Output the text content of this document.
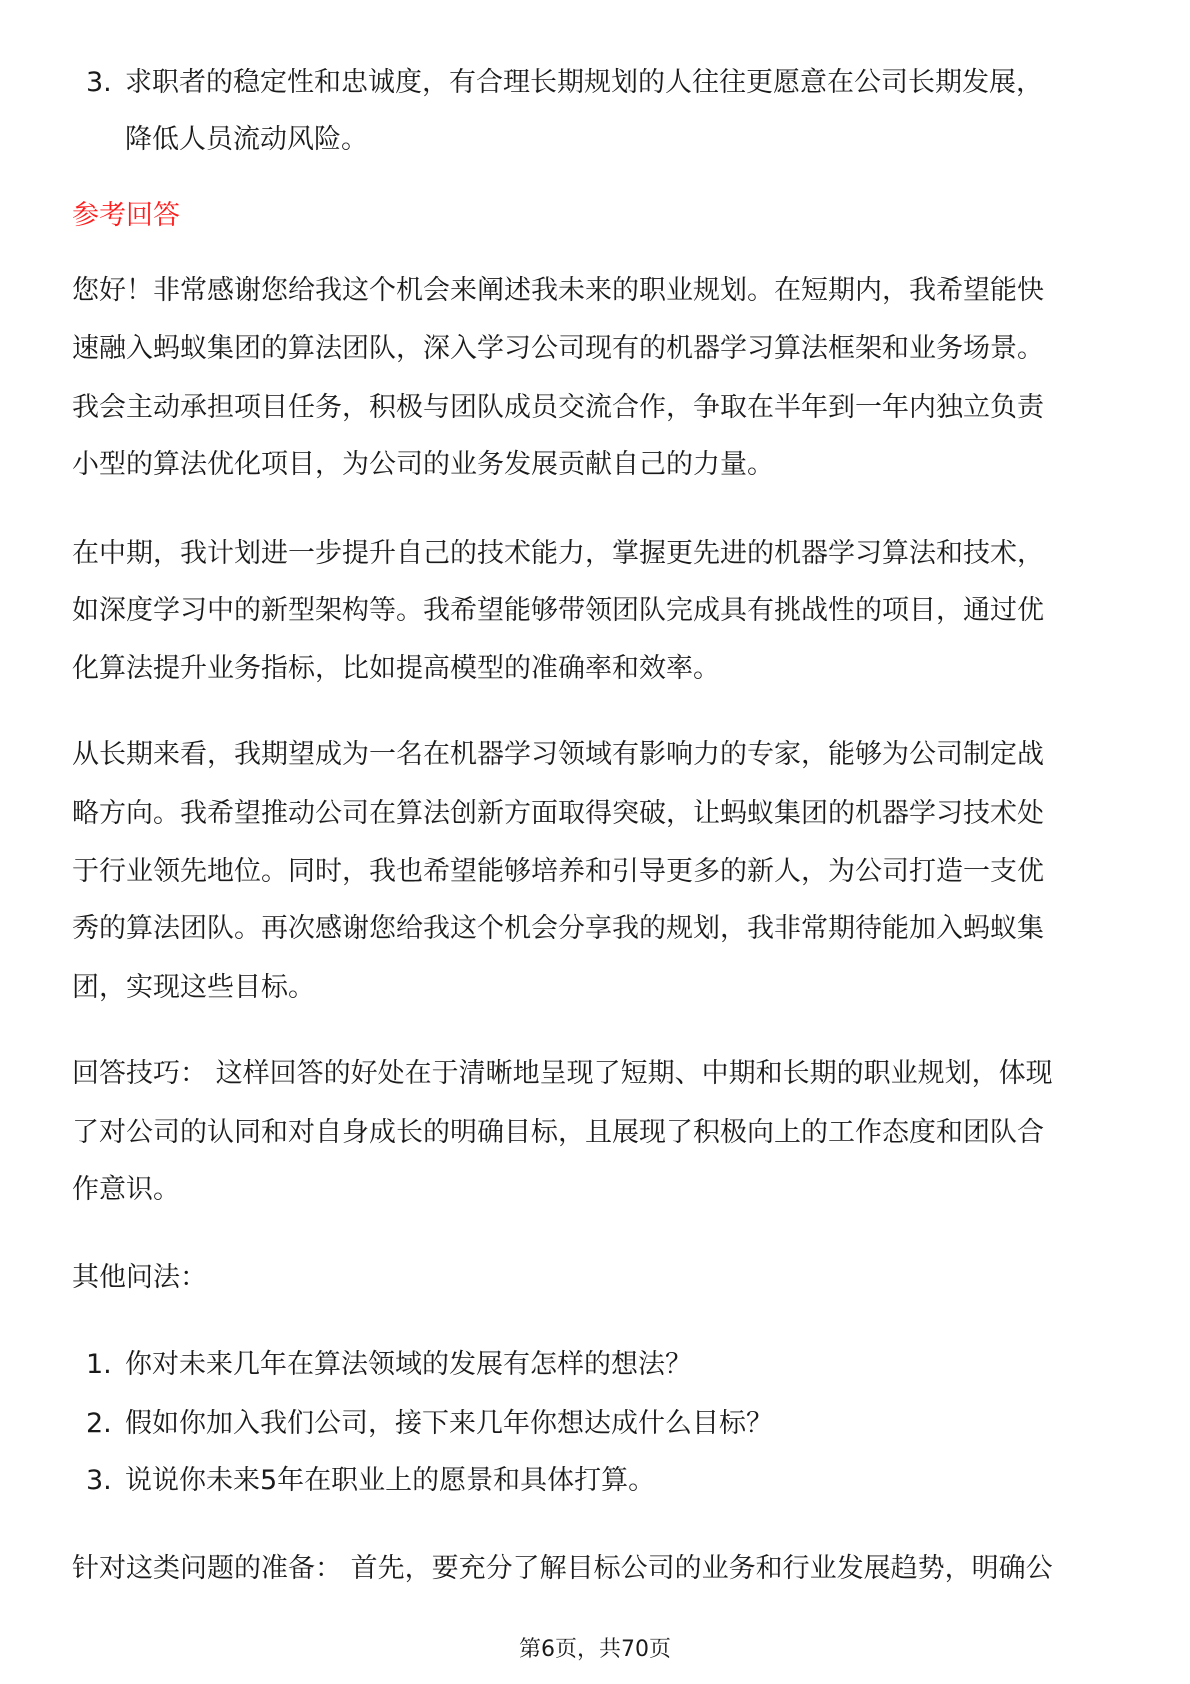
3. 求职者的稳定性和忠诚度，有合理长期规划的人往往更愿意在公司长期发展，
降低人员流动风险。
参考回答
您好！非常感谢您给我这个机会来阐述我未来的职业规划。在短期内，我希望能快
速融入蚂蚁集团的算法团队，深入学习公司现有的机器学习算法框架和业务场景。
我会主动承担项目任务，积极与团队成员交流合作，争取在半年到一年内独立负责
小型的算法优化项目，为公司的业务发展贡献自己的力量。
在中期，我计划进一步提升自己的技术能力，掌握更先进的机器学习算法和技术，
如深度学习中的新型架构等。我希望能够带领团队完成具有挑战性的项目，通过优
化算法提升业务指标，比如提高模型的准确率和效率。
从长期来看，我期望成为一名在机器学习领域有影响力的专家，能够为公司制定战
略方向。我希望推动公司在算法创新方面取得突破，让蚂蚁集团的机器学习技术处
于行业领先地位。同时，我也希望能够培养和引导更多的新人，为公司打造一支优
秀的算法团队。再次感谢您给我这个机会分享我的规划，我非常期待能加入蚂蚁集
团，实现这些目标。
回答技巧： 这样回答的好处在于清晰地呈现了短期、中期和长期的职业规划，体现
了对公司的认同和对自身成长的明确目标，且展现了积极向上的工作态度和团队合
作意识。
其他问法：
1. 你对未来几年在算法领域的发展有怎样的想法？
2. 假如你加入我们公司，接下来几年你想达成什么目标？
3. 说说你未来5年在职业上的愿景和具体打算。
针对这类问题的准备： 首先，要充分了解目标公司的业务和行业发展趋势，明确公
第6页，共70页
